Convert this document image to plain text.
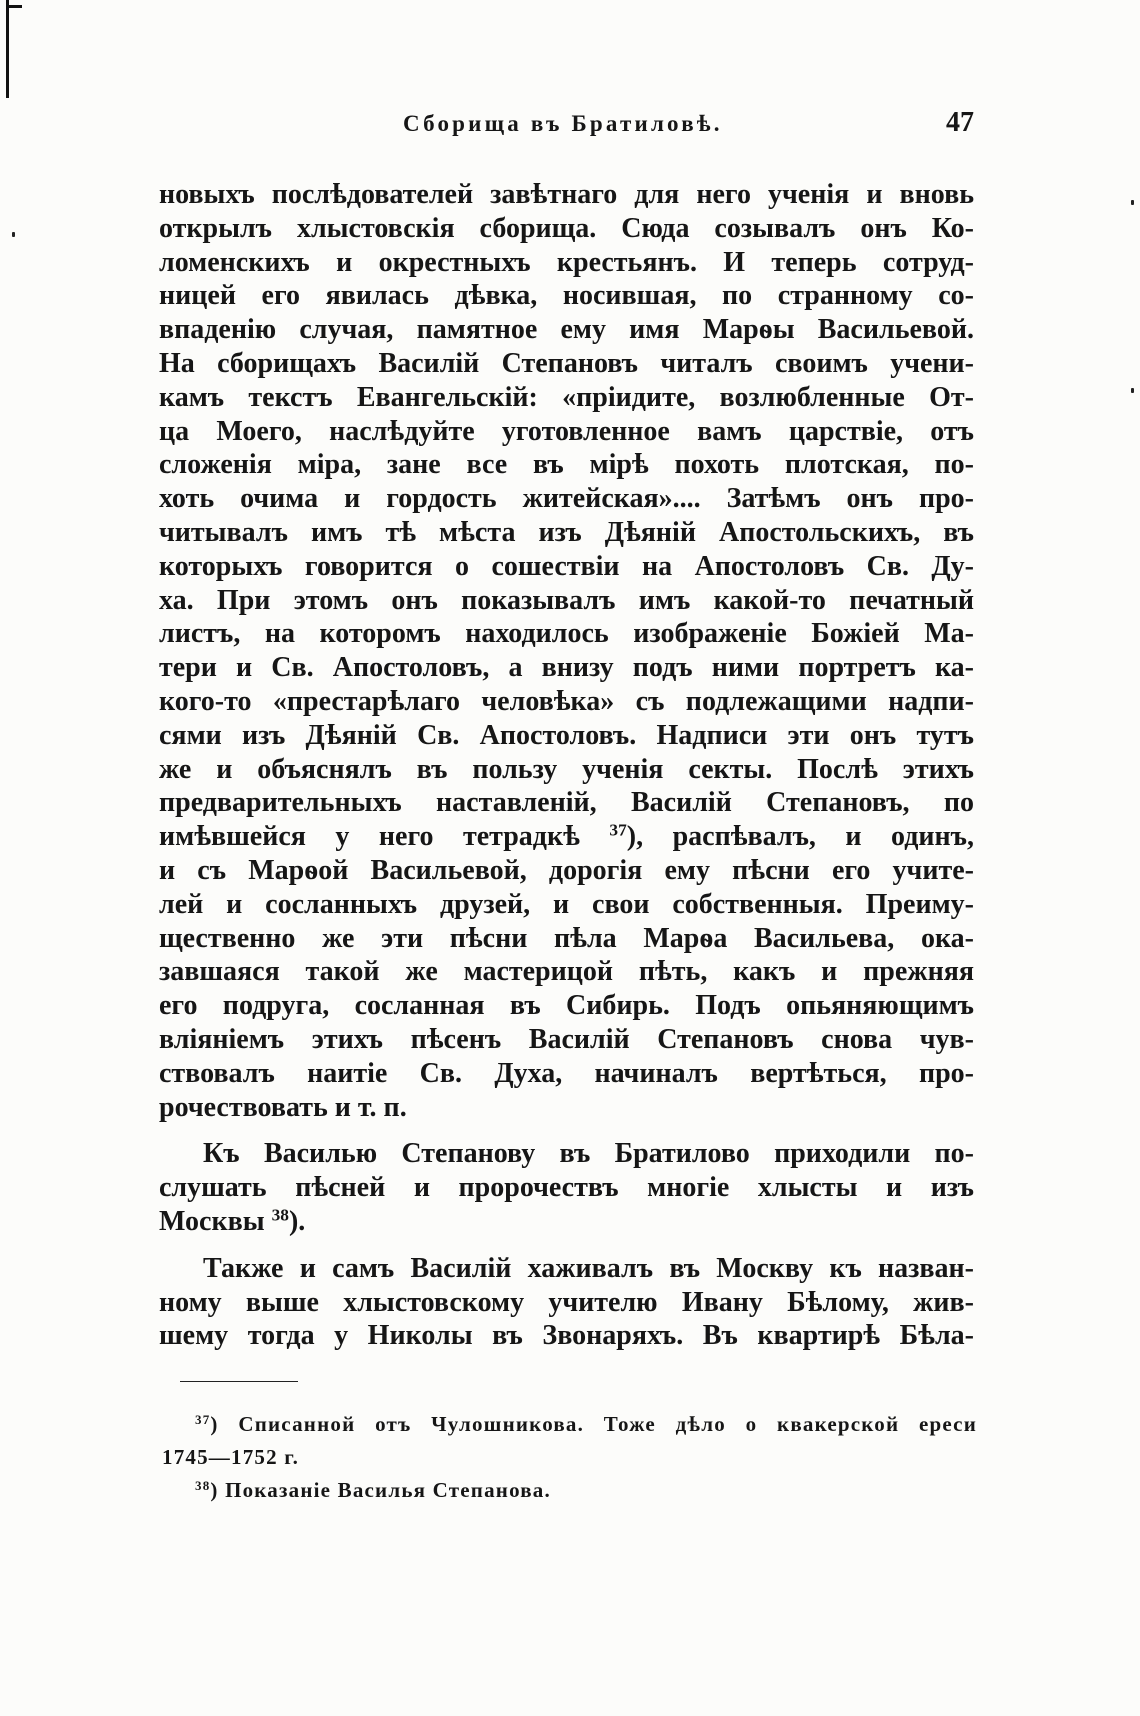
Сборища въ Братиловѣ.	47
новыхъ послѣдователей завѣтнаго для него ученія и вновь
открылъ хлыстовскія сборища. Сюда созывалъ онъ Ко-
ломенскихъ и окрестныхъ крестьянъ. И теперь сотруд-
ницей его явилась дѣвка, носившая, по странному со-
впаденію случая, памятное ему имя Марѳы Васильевой.
На сборищахъ Василій Степановъ читалъ своимъ учени-
камъ текстъ Евангельскій: «пріидите, возлюбленные От-
ца Моего, наслѣдуйте уготовленное вамъ царствіе, отъ
сложенія міра, зане все въ мірѣ похоть плотская, по-
хоть очима и гордость житейская».... Затѣмъ онъ про-
читывалъ имъ тѣ мѣста изъ Дѣяній Апостольскихъ, въ
которыхъ говорится о сошествіи на Апостоловъ Св. Ду-
ха. При этомъ онъ показывалъ имъ какой-то печатный
листъ, на которомъ находилось изображеніе Божіей Ма-
тери и Св. Апостоловъ, а внизу подъ ними портретъ ка-
кого-то «престарѣлаго человѣка» съ подлежащими надпи-
сями изъ Дѣяній Св. Апостоловъ. Надписи эти онъ тутъ
же и объяснялъ въ пользу ученія секты. Послѣ этихъ
предварительныхъ наставленій, Василій Степановъ, по
имѣвшейся у него тетрадкѣ $^{37}$), распѣвалъ, и одинъ,
и съ Марѳой Васильевой, дорогія ему пѣсни его учите-
лей и сосланныхъ друзей, и свои собственныя. Преиму-
щественно же эти пѣсни пѣла Марѳа Васильева, ока-
завшаяся такой же мастерицой пѣть, какъ и прежняя
его подруга, сосланная въ Сибирь. Подъ опьяняющимъ
вліяніемъ этихъ пѣсенъ Василій Степановъ снова чув-
ствовалъ наитіе Св. Духа, начиналъ вертѣться, про-
рочествовать и т. п.
Къ Василью Степанову въ Братилово приходили по-
слушать пѣсней и пророчествъ многіе хлысты и изъ
Москвы $^{38}$).
Также и самъ Василій хаживалъ въ Москву къ назван-
ному выше хлыстовскому учителю Ивану Бѣлому, жив-
шему тогда у Николы въ Звонаряхъ. Въ квартирѣ Бѣла-
$^{37}$) Списанной отъ Чулошникова. Тоже дѣло о квакерской ереси
1745—1752 г.
$^{38}$) Показаніе Василья Степанова.
